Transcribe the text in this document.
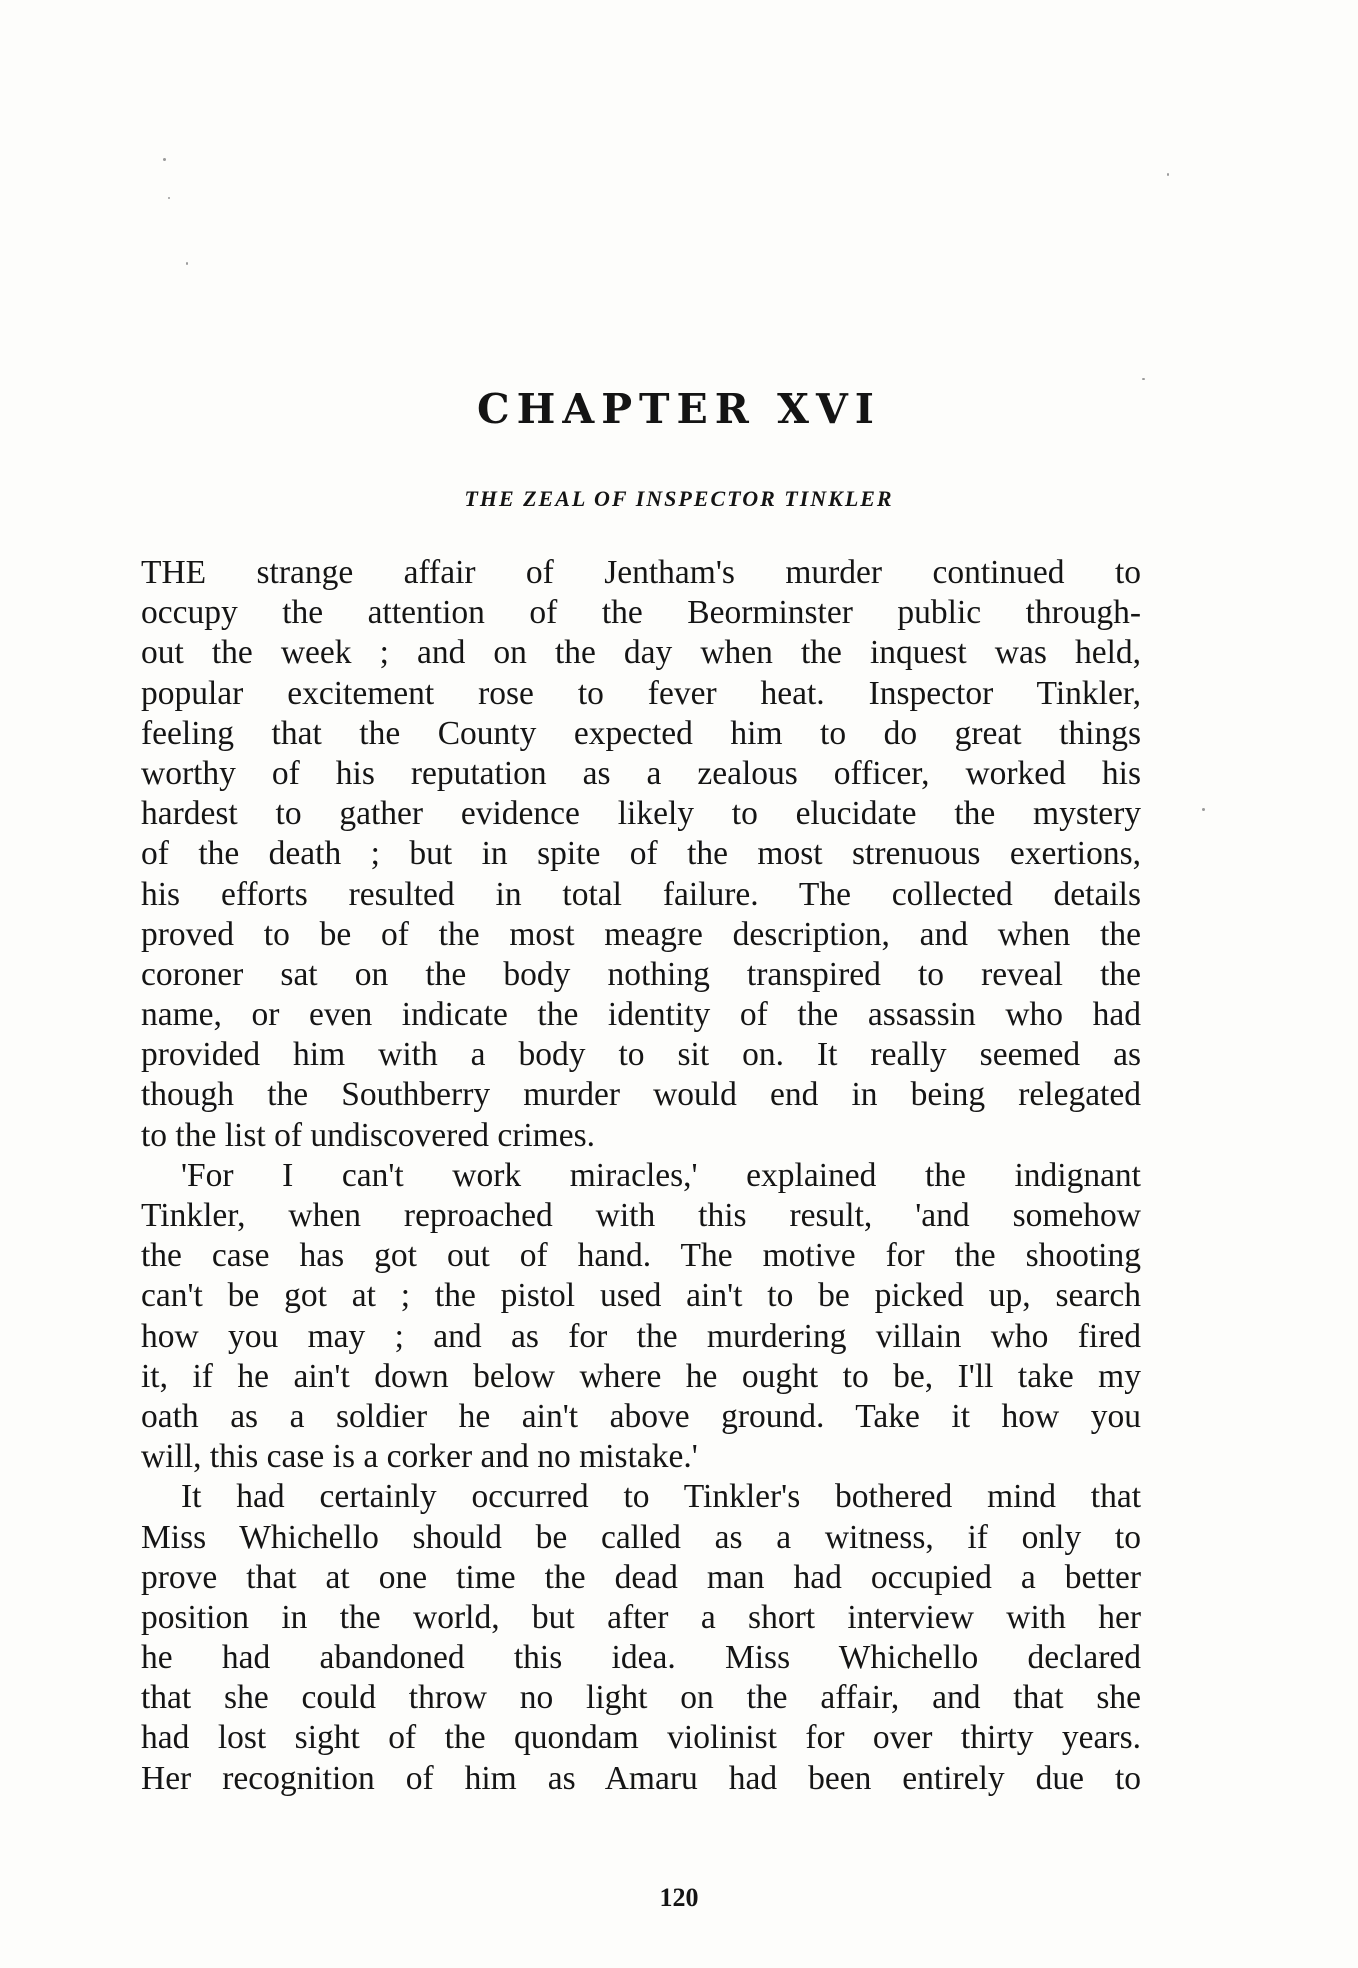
CHAPTER XVI
THE ZEAL OF INSPECTOR TINKLER
THE strange affair of Jentham's murder continued to
occupy the attention of the Beorminster public through-
out the week ; and on the day when the inquest was held,
popular excitement rose to fever heat. Inspector Tinkler,
feeling that the County expected him to do great things
worthy of his reputation as a zealous officer, worked his
hardest to gather evidence likely to elucidate the mystery
of the death ; but in spite of the most strenuous exertions,
his efforts resulted in total failure. The collected details
proved to be of the most meagre description, and when the
coroner sat on the body nothing transpired to reveal the
name, or even indicate the identity of the assassin who had
provided him with a body to sit on. It really seemed as
though the Southberry murder would end in being relegated
to the list of undiscovered crimes.
'For I can't work miracles,' explained the indignant
Tinkler, when reproached with this result, 'and somehow
the case has got out of hand. The motive for the shooting
can't be got at ; the pistol used ain't to be picked up, search
how you may ; and as for the murdering villain who fired
it, if he ain't down below where he ought to be, I'll take my
oath as a soldier he ain't above ground. Take it how you
will, this case is a corker and no mistake.'
It had certainly occurred to Tinkler's bothered mind that
Miss Whichello should be called as a witness, if only to
prove that at one time the dead man had occupied a better
position in the world, but after a short interview with her
he had abandoned this idea. Miss Whichello declared
that she could throw no light on the affair, and that she
had lost sight of the quondam violinist for over thirty years.
Her recognition of him as Amaru had been entirely due to
120
